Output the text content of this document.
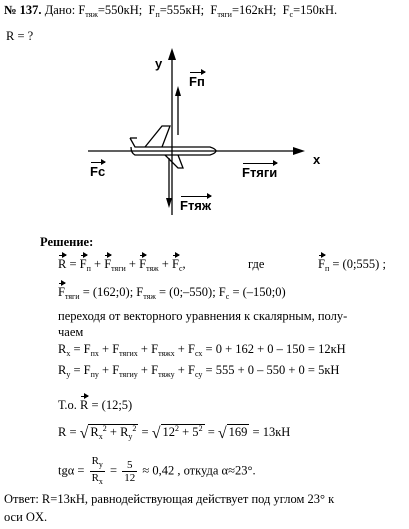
№ 137. Дано: $F_{тяж}=550кН$;  $F_п=555кН$;  $F_{тяги}=162кН$;  $F_с=150кН$.
R = ?
Fп
y
x
Fс	Fтяги
Fтяж
Решение:
$R = F_п + F_{тяги} + F_{тяж} + F_с$,	где	$F_п$ = (0;555) ;
$F_{тяги}$ = (162;0); $F_{тяж}$ = (0;–550); $F_с$ = (–150;0)
переходя от векторного уравнения к скалярным, полу-
чаем
$R_x = F_{пх} + F_{тягих} + F_{тяжх} + F_{сх} = 0 + 162 + 0 - 150 = 12кН$
$R_y = F_{пу} + F_{тягиу} + F_{тяжу} + F_{су} = 555 + 0 - 550 + 0 = 5кН$
Т.о. R = (12;5)
R = √ $R_x^2 + R_y^2$ = √ $12^2 + 5^2$ = √ 169 = 13кН
$tg\alpha = \frac{R_y}{R_x} = \frac{5}{12} \approx 0,42$ , откуда α≈23°.
Ответ: R=13кН, равнодействующая действует под углом 23° к
оси OX.
